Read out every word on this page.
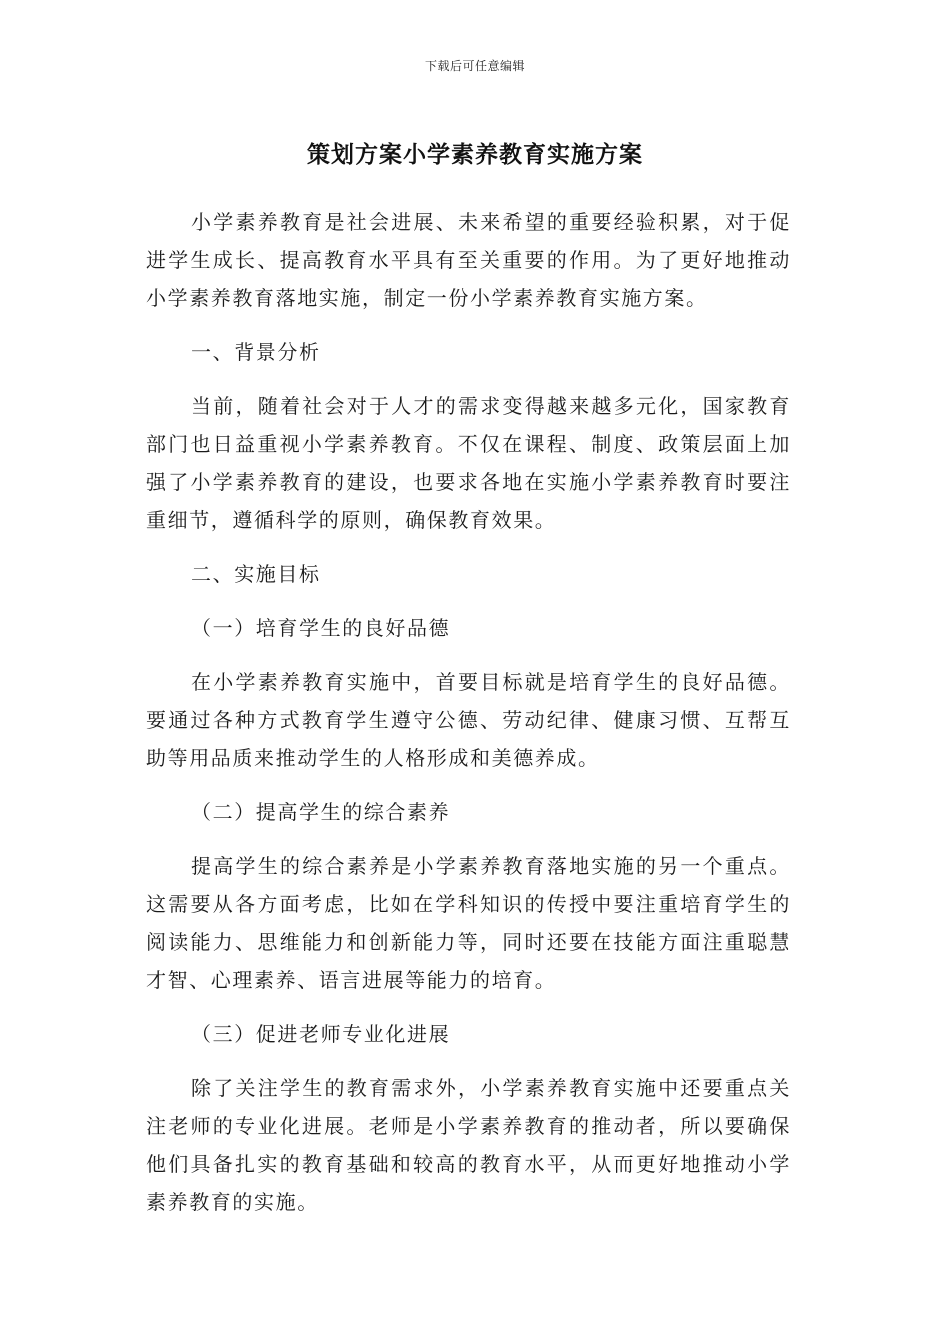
下载后可任意编辑
策划方案小学素养教育实施方案

小学素养教育是社会进展、未来希望的重要经验积累，对于促进学生成长、提高教育水平具有至关重要的作用。为了更好地推动小学素养教育落地实施，制定一份小学素养教育实施方案。

一、背景分析

当前，随着社会对于人才的需求变得越来越多元化，国家教育部门也日益重视小学素养教育。不仅在课程、制度、政策层面上加强了小学素养教育的建设，也要求各地在实施小学素养教育时要注重细节，遵循科学的原则，确保教育效果。

二、实施目标

（一）培育学生的良好品德

在小学素养教育实施中，首要目标就是培育学生的良好品德。要通过各种方式教育学生遵守公德、劳动纪律、健康习惯、互帮互助等用品质来推动学生的人格形成和美德养成。

（二）提高学生的综合素养

提高学生的综合素养是小学素养教育落地实施的另一个重点。这需要从各方面考虑，比如在学科知识的传授中要注重培育学生的阅读能力、思维能力和创新能力等，同时还要在技能方面注重聪慧才智、心理素养、语言进展等能力的培育。

（三）促进老师专业化进展

除了关注学生的教育需求外，小学素养教育实施中还要重点关注老师的专业化进展。老师是小学素养教育的推动者，所以要确保他们具备扎实的教育基础和较高的教育水平，从而更好地推动小学素养教育的实施。
